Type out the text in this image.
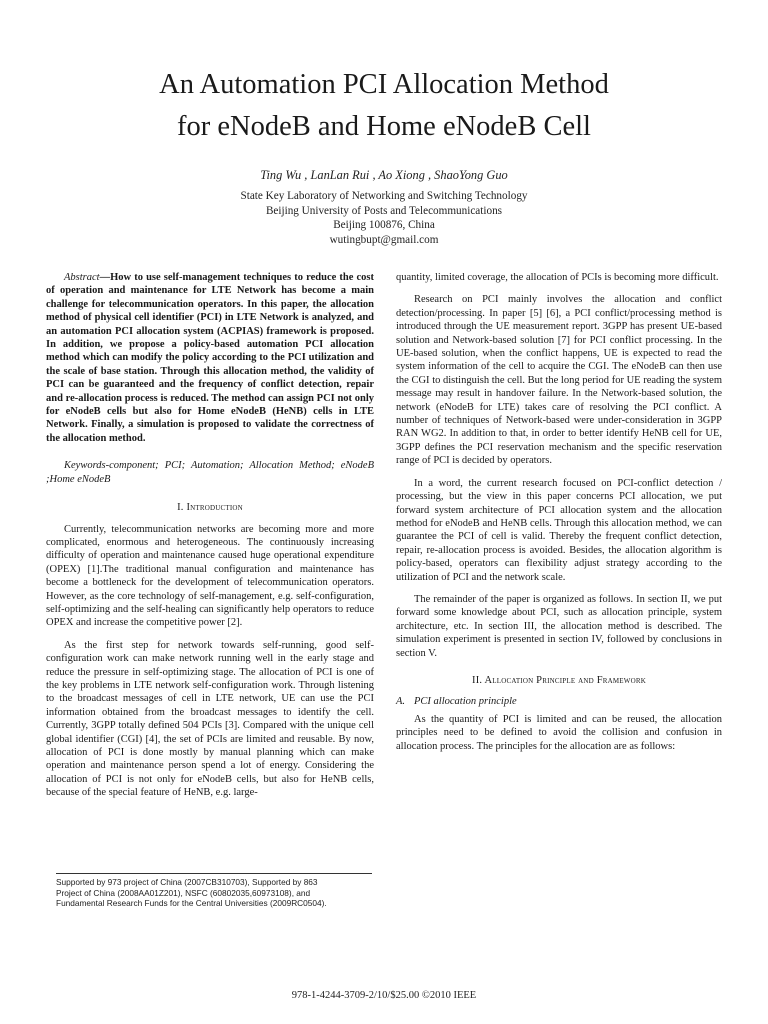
An Automation PCI Allocation Method
for eNodeB and Home eNodeB Cell
Ting Wu , LanLan Rui , Ao Xiong , ShaoYong Guo
State Key Laboratory of Networking and Switching Technology
Beijing University of Posts and Telecommunications
Beijing 100876, China
wutingbupt@gmail.com

Abstract—How to use self-management techniques to reduce the cost of operation and maintenance for LTE Network has become a main challenge for telecommunication operators. In this paper, the allocation method of physical cell identifier (PCI) in LTE Network is analyzed, and an automation PCI allocation system (ACPIAS) framework is proposed. In addition, we propose a policy-based automation PCI allocation method which can modify the policy according to the PCI utilization and the scale of base station. Through this allocation method, the validity of PCI can be guaranteed and the frequency of conflict detection, repair and re-allocation process is reduced. The method can assign PCI not only for eNodeB cells but also for Home eNodeB (HeNB) cells in LTE Network. Finally, a simulation is proposed to validate the correctness of the allocation method.

Keywords-component; PCI; Automation; Allocation Method; eNodeB ;Home eNodeB

I. Introduction

Currently, telecommunication networks are becoming more and more complicated, enormous and heterogeneous. The continuously increasing difficulty of operation and maintenance caused huge operational expenditure (OPEX) [1].The traditional manual configuration and maintenance has become a bottleneck for the development of telecommunication operators. However, as the core technology of self-management, e.g. self-configuration, self-optimizing and the self-healing can significantly help operators to reduce OPEX and increase the competitive power [2].

As the first step for network towards self-running, good self-configuration work can make network running well in the early stage and reduce the pressure in self-optimizing stage. The allocation of PCI is one of the key problems in LTE network self-configuration work. Through listening to the broadcast messages of cell in LTE network, UE can use the PCI information obtained from the broadcast messages to identify the cell. Currently, 3GPP totally defined 504 PCIs [3]. Compared with the unique cell global identifier (CGI) [4], the set of PCIs are limited and reusable. By now, allocation of PCI is done mostly by manual planning which can make operation and maintenance person spend a lot of energy. Considering the allocation of PCI is not only for eNodeB cells, but also for HeNB cells, because of the special feature of HeNB, e.g. large-

quantity, limited coverage, the allocation of PCIs is becoming more difficult.

Research on PCI mainly involves the allocation and conflict detection/processing. In paper [5] [6], a PCI conflict/processing method is introduced through the UE measurement report. 3GPP has present UE-based solution and Network-based solution [7] for PCI conflict processing. In the UE-based solution, when the conflict happens, UE is expected to read the system information of the cell to acquire the CGI. The eNodeB can then use the CGI to distinguish the cell. But the long period for UE reading the system message may result in handover failure. In the Network-based solution, the network (eNodeB for LTE) takes care of resolving the PCI conflict. A number of techniques of Network-based were under-consideration in 3GPP RAN WG2. In addition to that, in order to better identify HeNB cell for UE, 3GPP defines the PCI reservation mechanism and the specific reservation range of PCI is decided by operators.

In a word, the current research focused on PCI-conflict detection / processing, but the view in this paper concerns PCI allocation, we put forward system architecture of PCI allocation system and the allocation method for eNodeB and HeNB cells. Through this allocation method, we can guarantee the PCI of cell is valid. Thereby the frequent conflict detection, repair, re-allocation process is avoided. Besides, the allocation algorithm is policy-based, operators can flexibility adjust strategy according to the utilization of PCI and the network scale.

The remainder of the paper is organized as follows. In section II, we put forward some knowledge about PCI, such as allocation principle, system architecture, etc. In section III, the allocation method is described. The simulation experiment is presented in section IV, followed by conclusions in section V.

II. Allocation Principle and Framework
A. PCI allocation principle

As the quantity of PCI is limited and can be reused, the allocation principles need to be defined to avoid the collision and confusion in allocation process. The principles for the allocation are as follows:

Supported by 973 project of China (2007CB310703), Supported by 863
Project of China (2008AA01Z201), NSFC (60802035,60973108), and
Fundamental Research Funds for the Central Universities (2009RC0504).
978-1-4244-3709-2/10/$25.00 ©2010 IEEE
